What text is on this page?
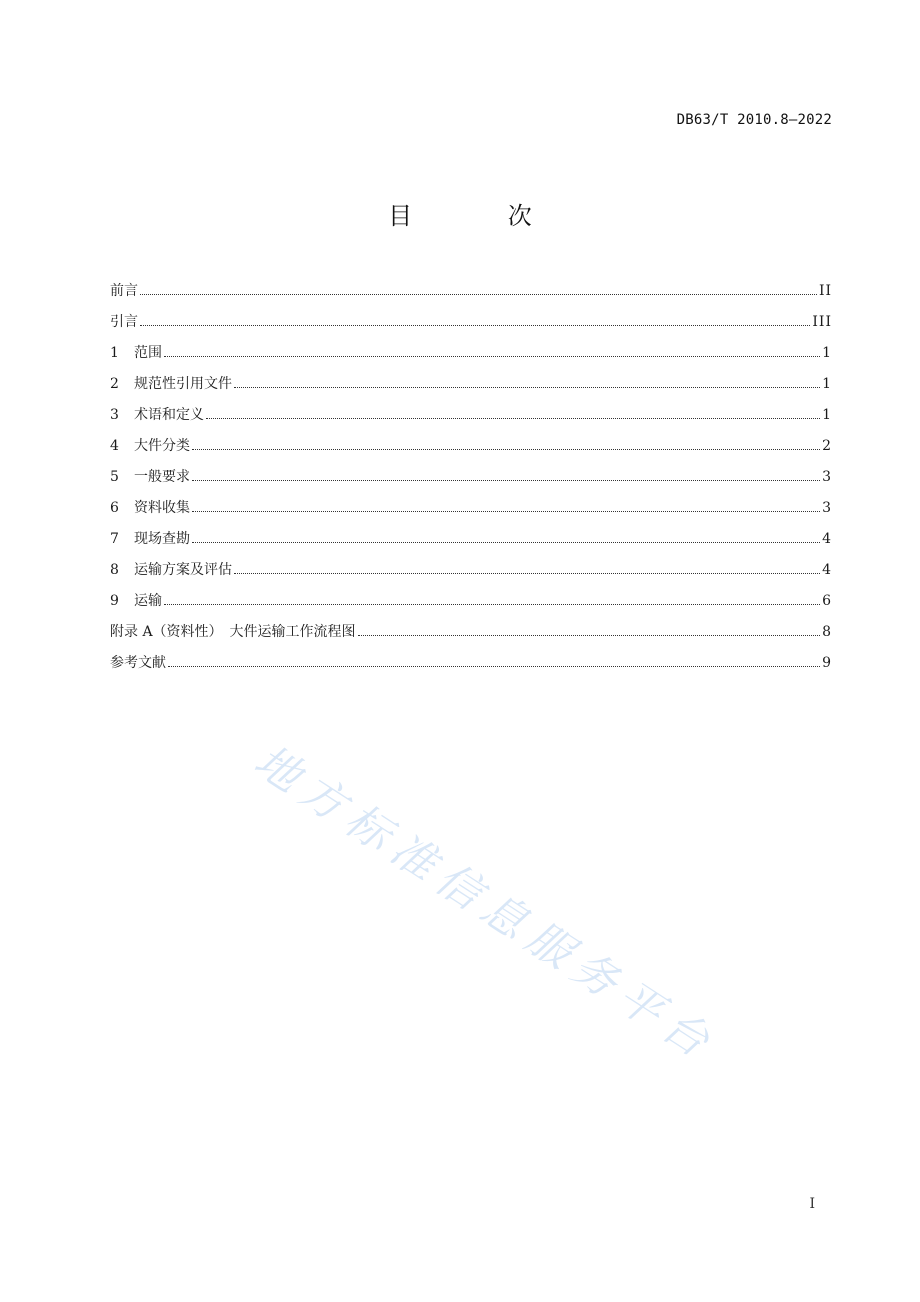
DB63/T 2010.8—2022
目 次
前言	II
引言	III
1	范围	1
2	规范性引用文件	1
3	术语和定义	1
4	大件分类	2
5	一般要求	3
6	资料收集	3
7	现场查勘	4
8	运输方案及评估	4
9	运输	6
附录 A（资料性）　大件运输工作流程图	8
参考文献	9
地方标准信息服务平台
I
